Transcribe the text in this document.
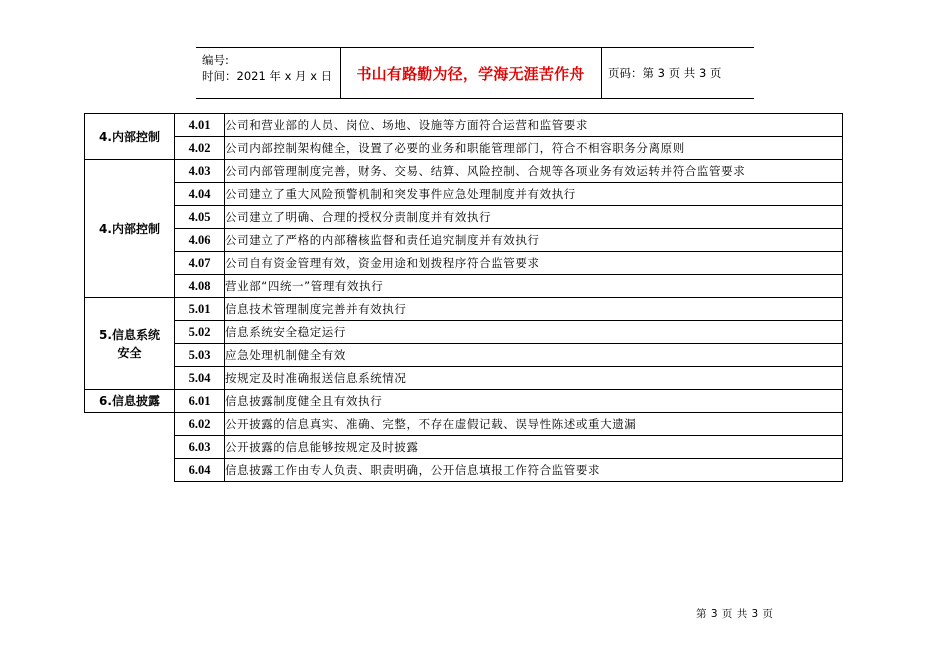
编号:
时间：2021 年 x 月 x 日	书山有路勤为径，学海无涯苦作舟	页码：第 3 页 共 3 页
4.内部控制	4.01	公司和营业部的人员、岗位、场地、设施等方面符合运营和监管要求
	4.02	公司内部控制架构健全，设置了必要的业务和职能管理部门，符合不相容职务分离原则
4.内部控制	4.03	公司内部管理制度完善，财务、交易、结算、风险控制、合规等各项业务有效运转并符合监管要求
	4.04	公司建立了重大风险预警机制和突发事件应急处理制度并有效执行
	4.05	公司建立了明确、合理的授权分责制度并有效执行
	4.06	公司建立了严格的内部稽核监督和责任追究制度并有效执行
	4.07	公司自有资金管理有效，资金用途和划拨程序符合监管要求
	4.08	营业部“四统一”管理有效执行
5.信息系统
安全	5.01	信息技术管理制度完善并有效执行
	5.02	信息系统安全稳定运行
	5.03	应急处理机制健全有效
	5.04	按规定及时准确报送信息系统情况
6.信息披露	6.01	信息披露制度健全且有效执行
	6.02	公开披露的信息真实、准确、完整，不存在虚假记载、误导性陈述或重大遗漏
	6.03	公开披露的信息能够按规定及时披露
	6.04	信息披露工作由专人负责、职责明确，公开信息填报工作符合监管要求
第 3 页 共 3 页
